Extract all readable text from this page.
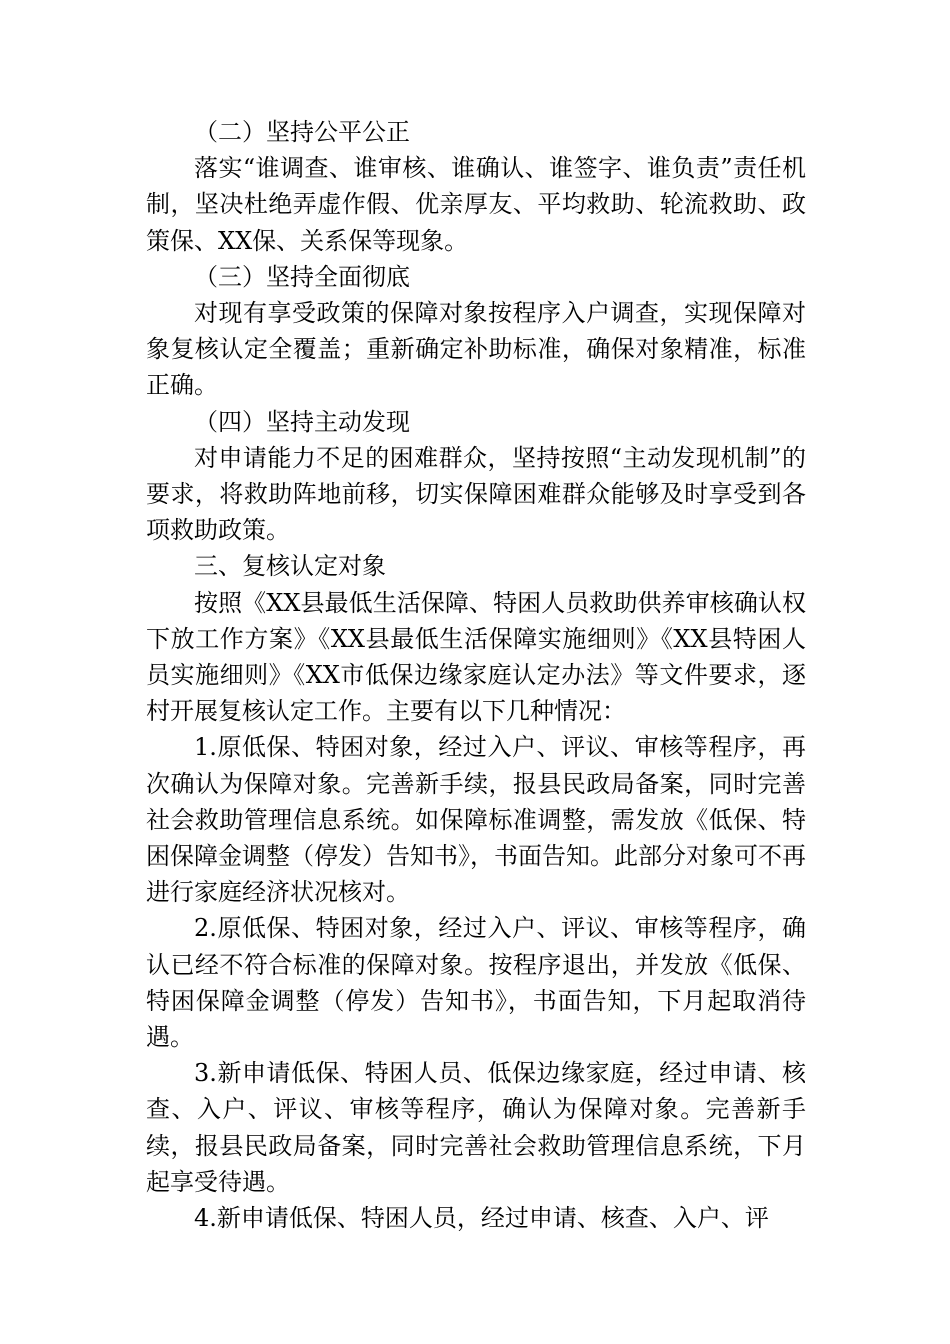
（二）坚持公平公正

落实“谁调查、谁审核、谁确认、谁签字、谁负责”责任机制，坚决杜绝弄虚作假、优亲厚友、平均救助、轮流救助、政策保、XX保、关系保等现象。

（三）坚持全面彻底

对现有享受政策的保障对象按程序入户调查，实现保障对象复核认定全覆盖；重新确定补助标准，确保对象精准，标准正确。

（四）坚持主动发现

对申请能力不足的困难群众，坚持按照“主动发现机制”的要求，将救助阵地前移，切实保障困难群众能够及时享受到各项救助政策。

三、复核认定对象

按照《XX县最低生活保障、特困人员救助供养审核确认权下放工作方案》《XX县最低生活保障实施细则》《XX县特困人员实施细则》《XX市低保边缘家庭认定办法》等文件要求，逐村开展复核认定工作。主要有以下几种情况：

1.原低保、特困对象，经过入户、评议、审核等程序，再次确认为保障对象。完善新手续，报县民政局备案，同时完善社会救助管理信息系统。如保障标准调整，需发放《低保、特困保障金调整（停发）告知书》，书面告知。此部分对象可不再进行家庭经济状况核对。

2.原低保、特困对象，经过入户、评议、审核等程序，确认已经不符合标准的保障对象。按程序退出，并发放《低保、特困保障金调整（停发）告知书》，书面告知，下月起取消待遇。

3.新申请低保、特困人员、低保边缘家庭，经过申请、核查、入户、评议、审核等程序，确认为保障对象。完善新手续，报县民政局备案，同时完善社会救助管理信息系统，下月起享受待遇。

4.新申请低保、特困人员，经过申请、核查、入户、评
